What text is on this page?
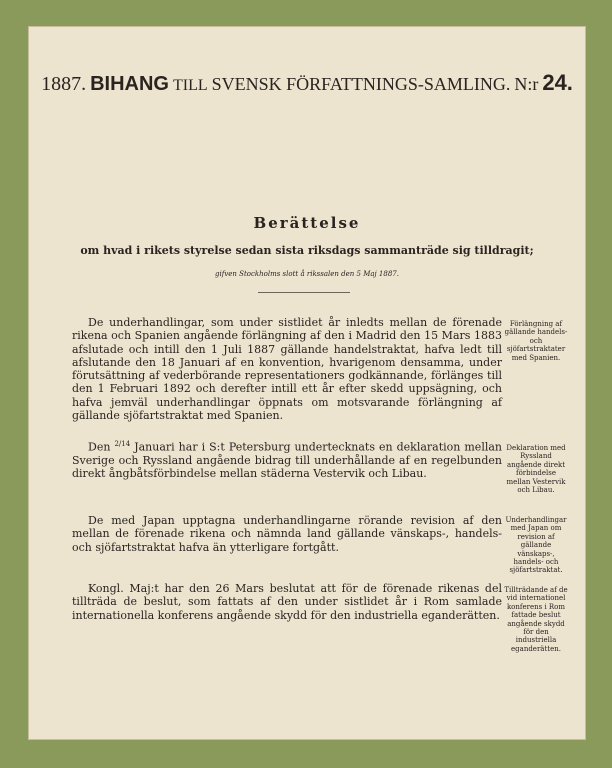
1887. BIHANG TILL SVENSK FÖRFATTNINGS-SAMLING. N:r 24.
Berättelse
om hvad i rikets styrelse sedan sista riksdags sammanträde sig tilldragit;
gifven Stockholms slott å rikssalen den 5 Maj 1887.
De underhandlingar, som under sistlidet år inledts mellan de förenade rikena och Spanien angående förlängning af den i Madrid den 15 Mars 1883 afslutade och intill den 1 Juli 1887 gällande handelstraktat, hafva ledt till afslutande den 18 Januari af en konvention, hvarigenom densamma, under förutsättning af vederbörande representationers godkännande, förlänges till den 1 Februari 1892 och derefter intill ett år efter skedd uppsägning, och hafva jemväl underhandlingar öppnats om motsvarande förlängning af gällande sjöfartstraktat med Spanien.
Förlängning af gällande handels- och sjöfartstraktater med Spanien.
Den $^{2/14}$ Januari har i S:t Petersburg undertecknats en deklaration mellan Sverige och Ryssland angående bidrag till underhållande af en regelbunden direkt ångbåtsförbindelse mellan städerna Vestervik och Libau.
Deklaration med Ryssland angående direkt förbindelse mellan Vestervik och Libau.
De med Japan upptagna underhandlingarne rörande revision af den mellan de förenade rikena och nämnda land gällande vänskaps-, handels- och sjöfartstraktat hafva än ytterligare fortgått.
Underhandlingar med Japan om revision af gällande vänskaps-, handels- och sjöfartstraktat.
Kongl. Maj:t har den 26 Mars beslutat att för de förenade rikenas del tillträda de beslut, som fattats af den under sistlidet år i Rom samlade internationella konferens angående skydd för den industriella eganderätten.
Tillträdande af de vid internationel konferens i Rom fattade beslut angående skydd för den industriella eganderätten.
